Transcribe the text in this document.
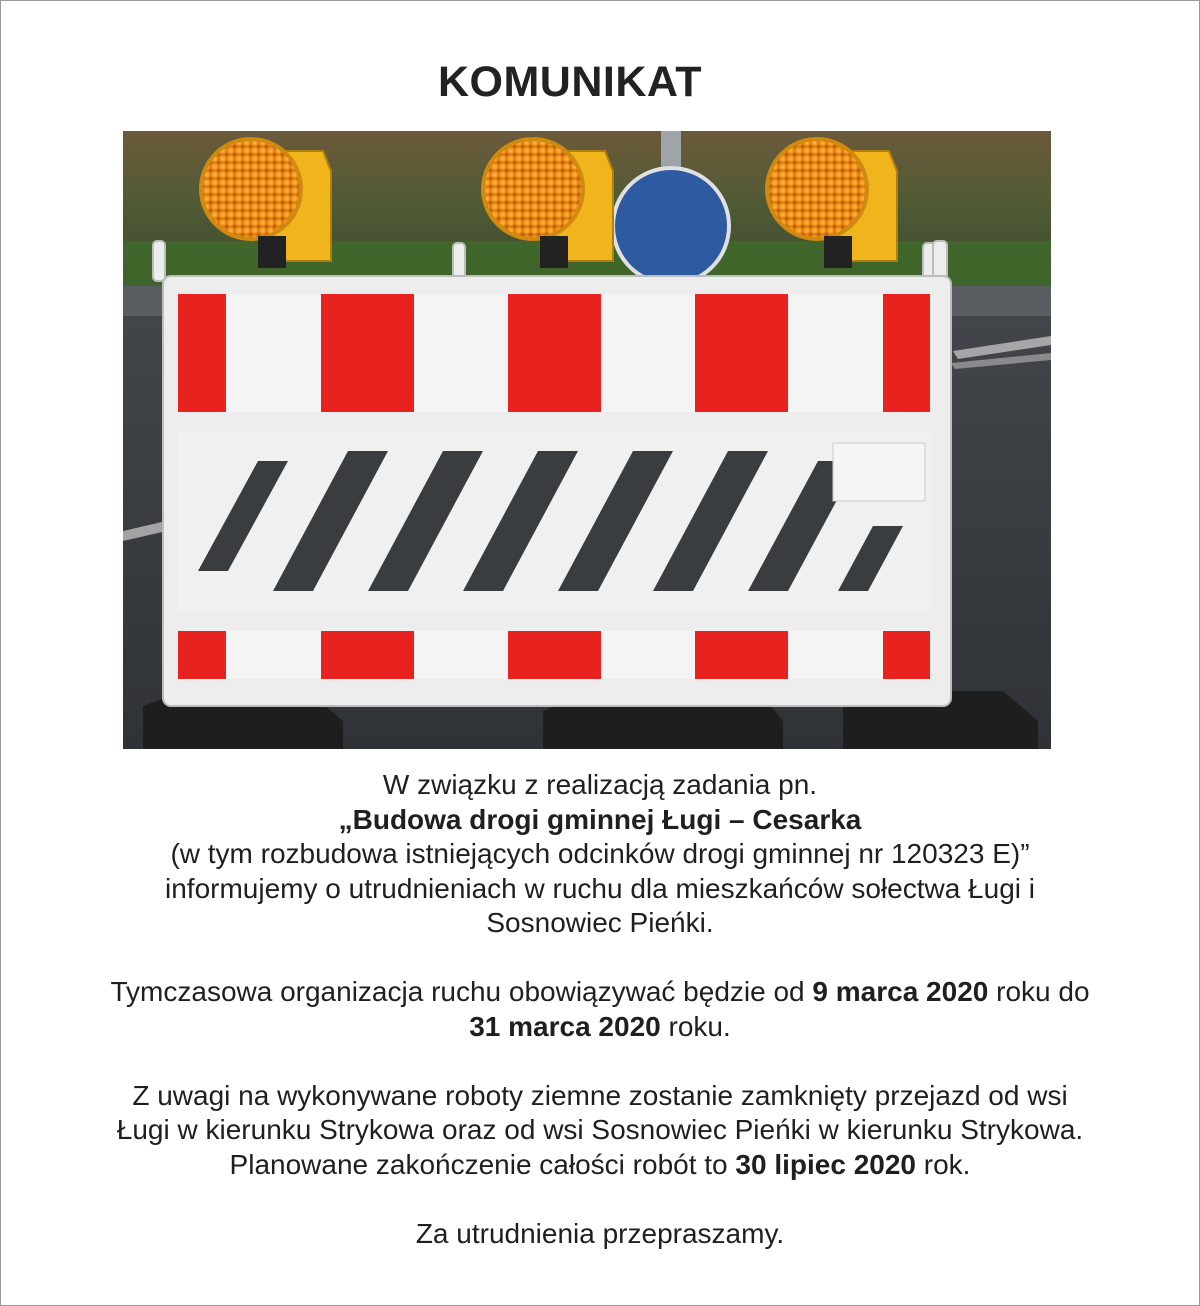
KOMUNIKAT

W związku z realizacją zadania pn.

„Budowa drogi gminnej Ługi – Cesarka

(w tym rozbudowa istniejących odcinków drogi gminnej nr 120323 E)”

informujemy o utrudnieniach w ruchu dla mieszkańców sołectwa Ługi i

Sosnowiec Pieńki.

Tymczasowa organizacja ruchu obowiązywać będzie od 9 marca 2020 roku do

31 marca 2020 roku.

Z uwagi na wykonywane roboty ziemne zostanie zamknięty przejazd od wsi

Ługi w kierunku Strykowa oraz od wsi Sosnowiec Pieńki w kierunku Strykowa.

Planowane zakończenie całości robót to 30 lipiec 2020 rok.

Za utrudnienia przepraszamy.
